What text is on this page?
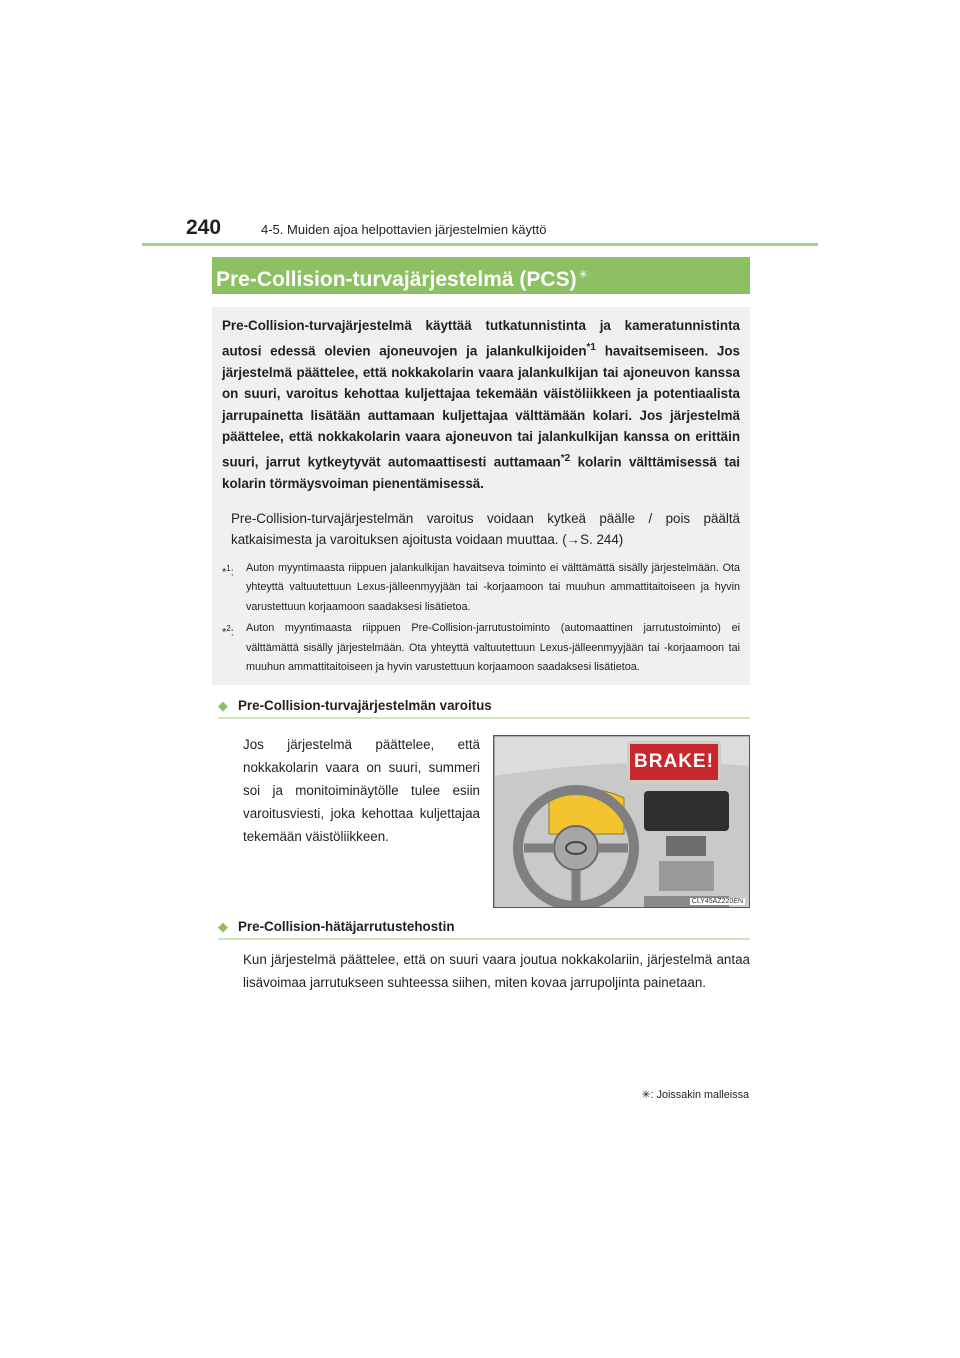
240	4-5. Muiden ajoa helpottavien järjestelmien käyttö
Pre-Collision-turvajärjestelmä (PCS) ✳

Pre-Collision-turvajärjestelmä käyttää tutkatunnistinta ja kameratunnistinta autosi edessä olevien ajoneuvojen ja jalankulkijoiden$^{*1}$ havaitsemiseen. Jos järjestelmä päättelee, että nokkakolarin vaara jalankulkijan tai ajoneuvon kanssa on suuri, varoitus kehottaa kuljettajaa tekemään väistöliikkeen ja potentiaalista jarrupainetta lisätään auttamaan kuljettajaa välttämään kolari. Jos järjestelmä päättelee, että nokkakolarin vaara ajoneuvon tai jalankulkijan kanssa on erittäin suuri, jarrut kytkeytyvät automaattisesti auttamaan$^{*2}$ kolarin välttämisessä tai kolarin törmäysvoiman pienentämisessä.

Pre-Collision-turvajärjestelmän varoitus voidaan kytkeä päälle / pois päältä katkaisimesta ja varoituksen ajoitusta voidaan muuttaa. (→S. 244)

*$^1$:	Auton myyntimaasta riippuen jalankulkijan havaitseva toiminto ei välttämättä sisälly järjestelmään. Ota yhteyttä valtuutettuun Lexus-jälleenmyyjään tai -korjaamoon tai muuhun ammattitaitoiseen ja hyvin varustettuun korjaamoon saadaksesi lisätietoa.
*$^2$:	Auton myyntimaasta riippuen Pre-Collision-jarrutustoiminto (automaattinen jarrutustoiminto) ei välttämättä sisälly järjestelmään. Ota yhteyttä valtuutettuun Lexus-jälleenmyyjään tai -korjaamoon tai muuhun ammattitaitoiseen ja hyvin varustettuun korjaamoon saadaksesi lisätietoa.
◆ Pre-Collision-turvajärjestelmän varoitus

Jos järjestelmä päättelee, että nokkakolarin vaara on suuri, summeri soi ja monitoiminäytölle tulee esiin varoitusviesti, joka kehottaa kuljettajaa tekemään väistöliikkeen.

BRAKE!
CLY45AZ220EN
◆ Pre-Collision-hätäjarrutustehostin

Kun järjestelmä päättelee, että on suuri vaara joutua nokkakolariin, järjestelmä antaa lisävoimaa jarrutukseen suhteessa siihen, miten kovaa jarrupoljinta painetaan.

✳: Joissakin malleissa
